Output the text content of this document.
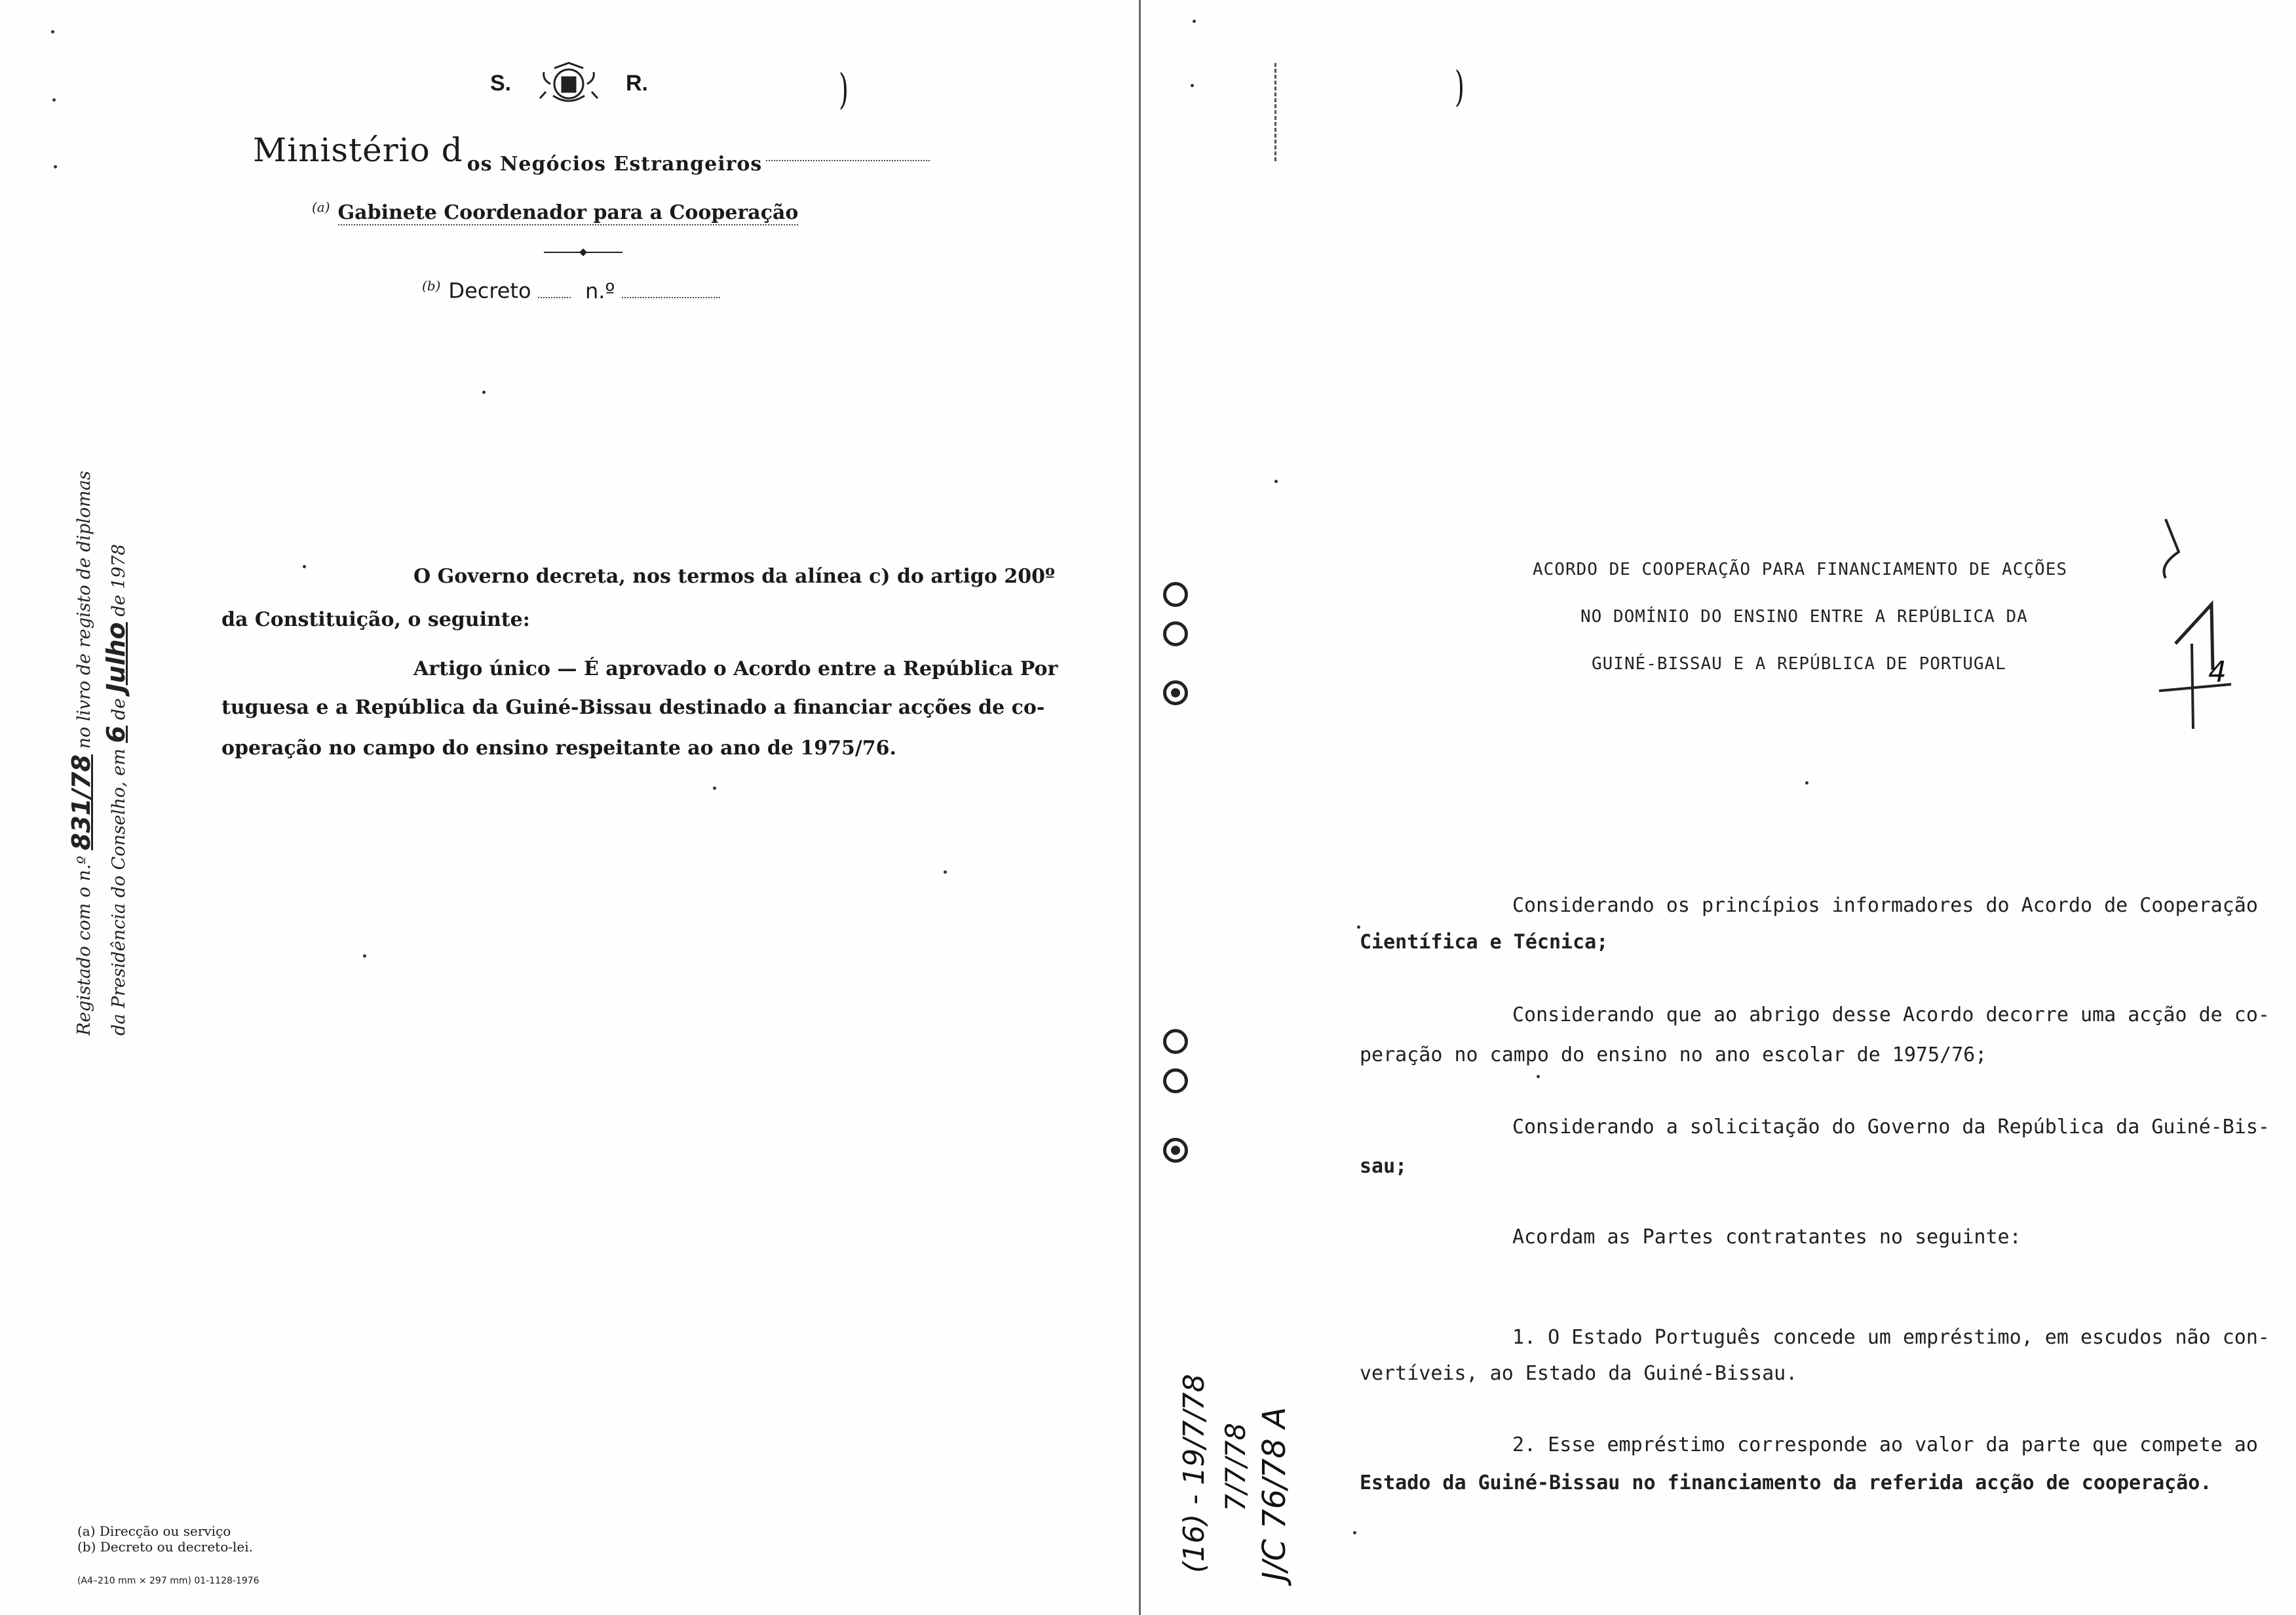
S.	R.	)
Ministério d $_{os Negócios Estrangeiros}$
$^{(a)}$ Gabinete Coordenador para a Cooperação
$^{(b)}$ Decreto	n.º
O Governo decreta, nos termos da alínea c) do artigo 200º
da Constituição, o seguinte:
Artigo único — É aprovado o Acordo entre a República Por
tuguesa e a República da Guiné-Bissau destinado a financiar acções de co-
operação no campo do ensino respeitante ao ano de 1975/76.
Registado com o n.º 831/78 no livro de registo de diplomas
da Presidência do Conselho, em 6 de Julho de 1978
(a) Direcção ou serviço
(b) Decreto ou decreto-lei.
(A4–210 mm × 297 mm) 01-1128-1976
)
ACORDO DE COOPERAÇÃO PARA FINANCIAMENTO DE ACÇÕES
NO DOMÍNIO DO ENSINO ENTRE A REPÚBLICA DA
GUINÉ-BISSAU E A REPÚBLICA DE PORTUGAL	4
Considerando os princípios informadores do Acordo de Cooperação
Científica e Técnica;
Considerando que ao abrigo desse Acordo decorre uma acção de co-
peração no campo do ensino no ano escolar de 1975/76;
Considerando a solicitação do Governo da República da Guiné-Bis-
sau;
Acordam as Partes contratantes no seguinte:
1. O Estado Português concede um empréstimo, em escudos não con-
vertíveis, ao Estado da Guiné-Bissau.
2. Esse empréstimo corresponde ao valor da parte que compete ao
Estado da Guiné-Bissau no financiamento da referida acção de cooperação.
(16) - 19/7/78 7/7/78 J/C 76/78 A
